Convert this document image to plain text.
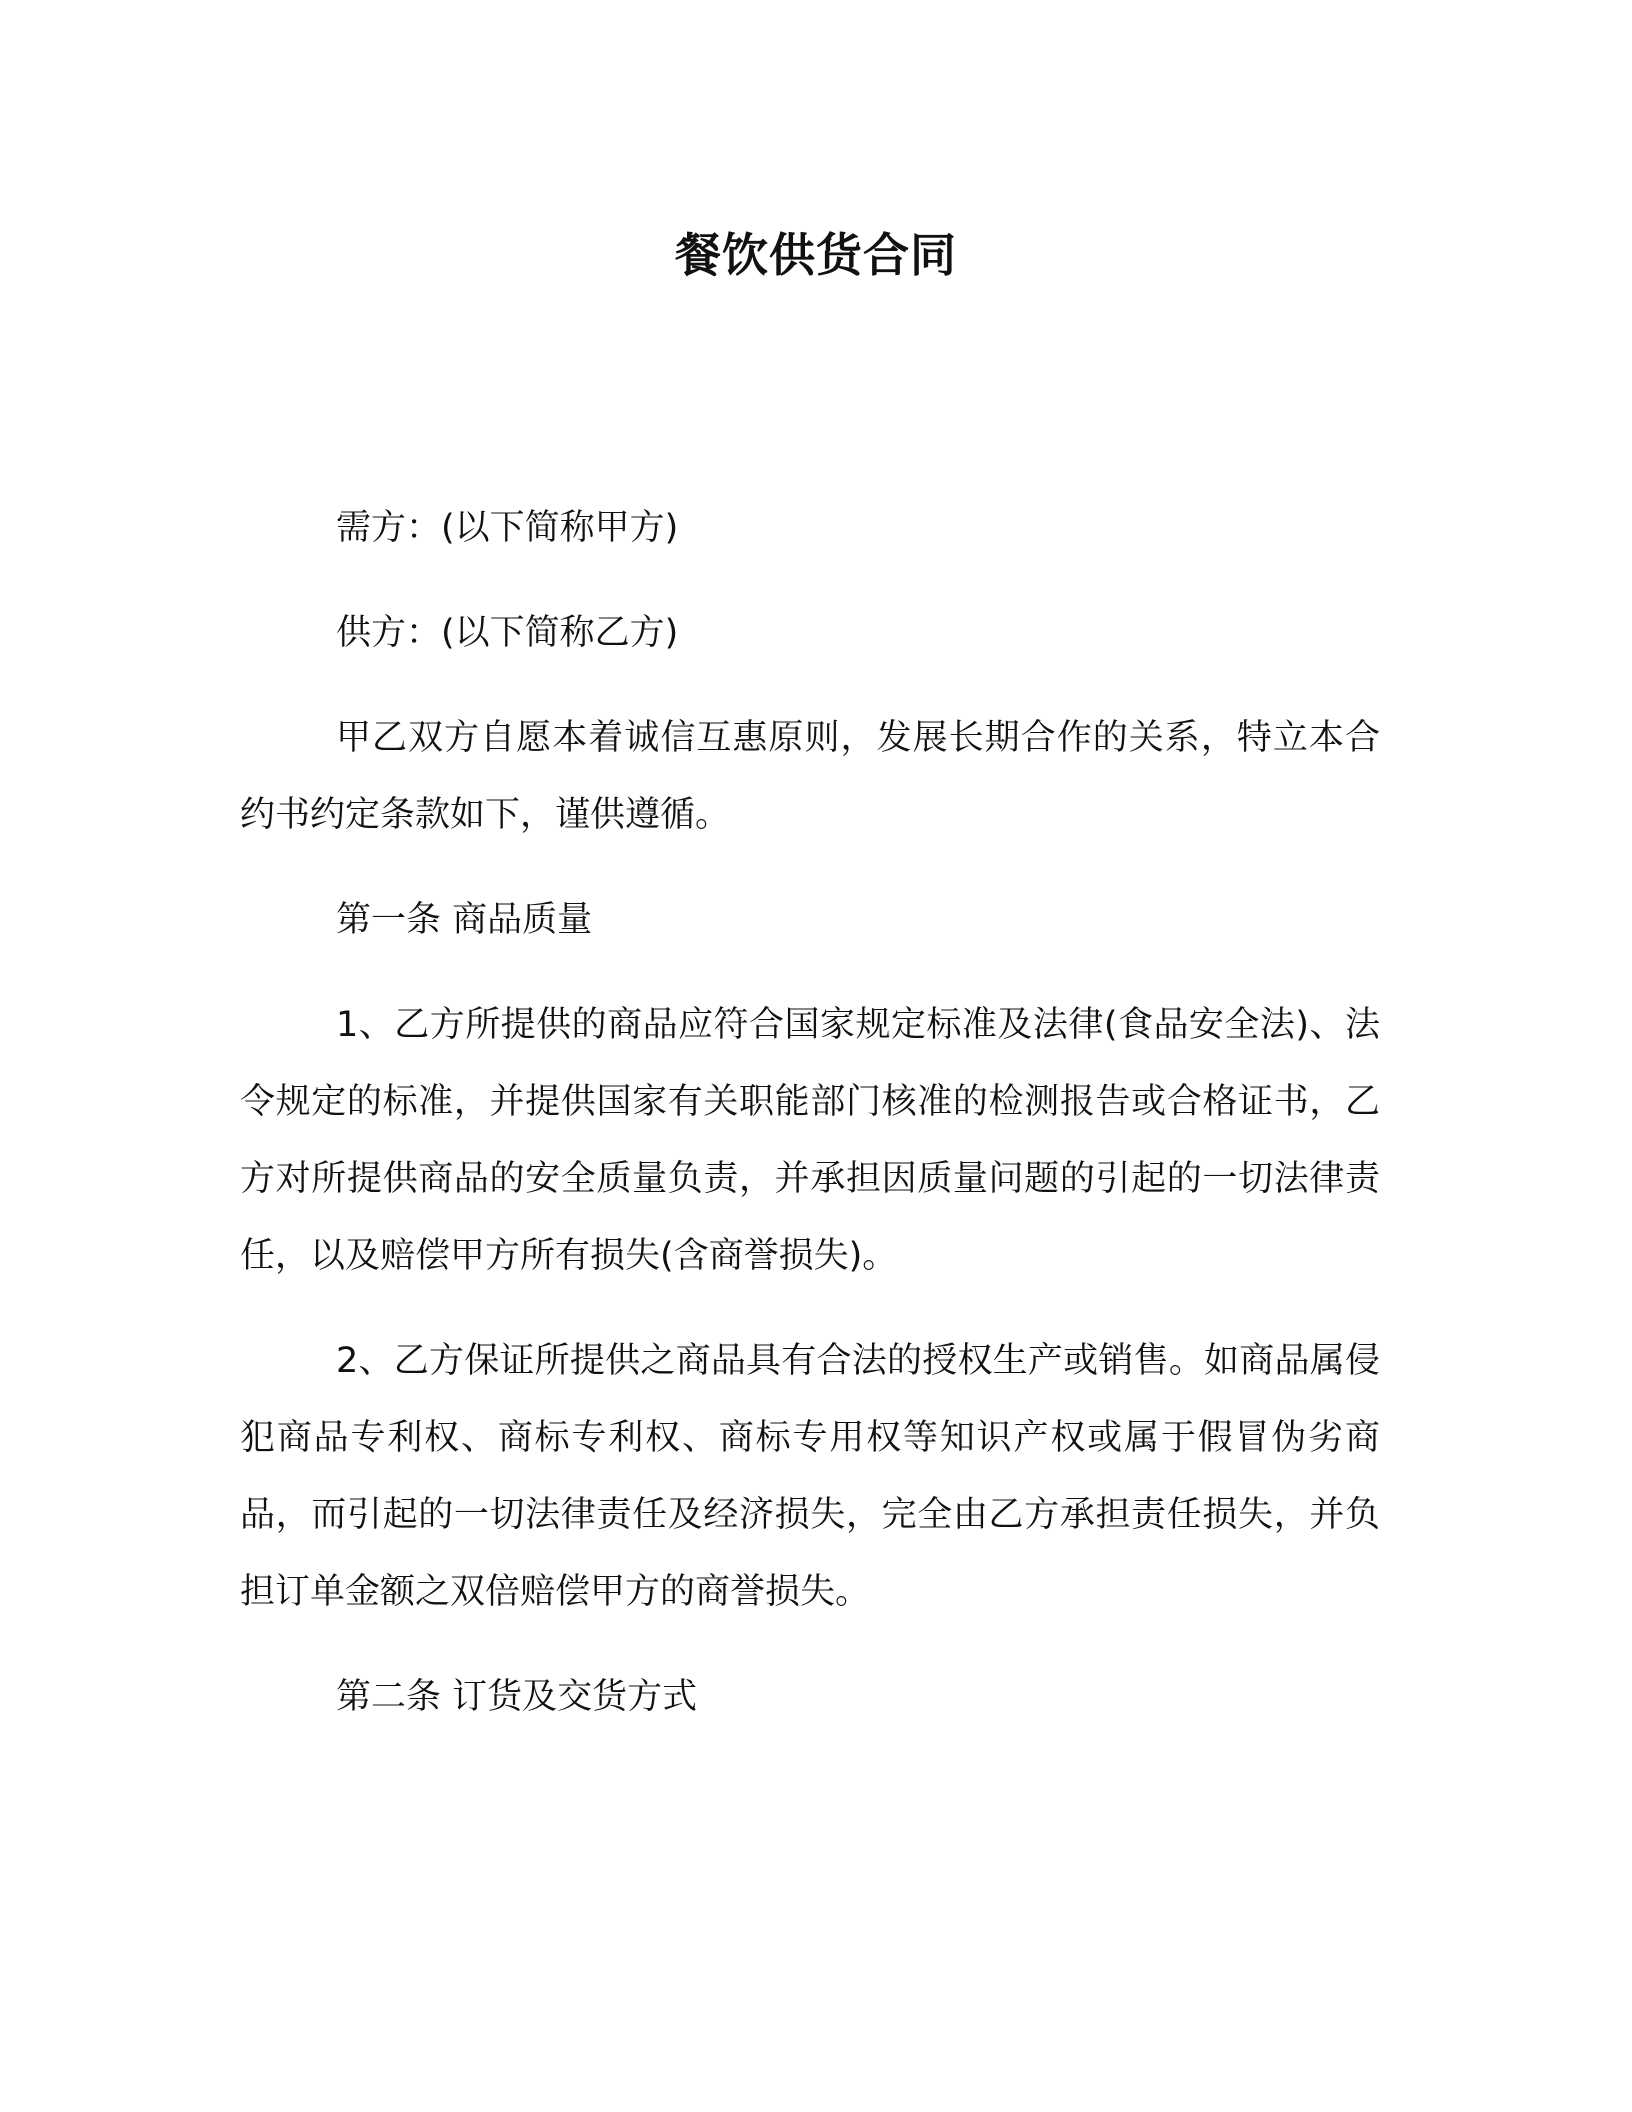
餐饮供货合同

需方：(以下简称甲方)

供方：(以下简称乙方)

甲乙双方自愿本着诚信互惠原则，发展长期合作的关系，特立本合约书约定条款如下，谨供遵循。

第一条 商品质量

1、乙方所提供的商品应符合国家规定标准及法律(食品安全法)、法令规定的标准，并提供国家有关职能部门核准的检测报告或合格证书，乙方对所提供商品的安全质量负责，并承担因质量问题的引起的一切法律责任，以及赔偿甲方所有损失(含商誉损失)。

2、乙方保证所提供之商品具有合法的授权生产或销售。如商品属侵犯商品专利权、商标专利权、商标专用权等知识产权或属于假冒伪劣商品，而引起的一切法律责任及经济损失，完全由乙方承担责任损失，并负担订单金额之双倍赔偿甲方的商誉损失。

第二条 订货及交货方式
